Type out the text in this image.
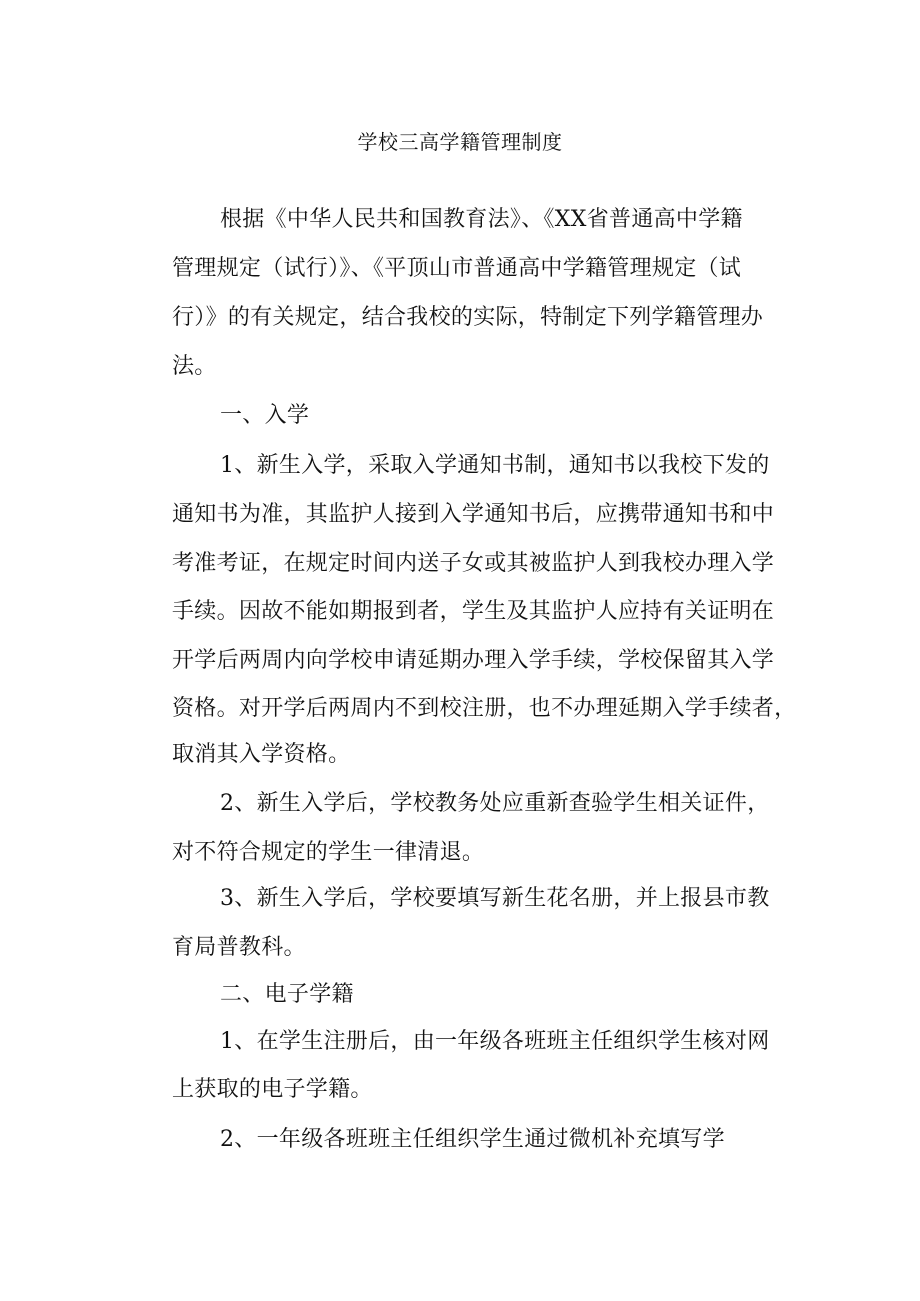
学校三高学籍管理制度
根据《中华人民共和国教育法》、《XX省普通高中学籍
管理规定（试行）》、《平顶山市普通高中学籍管理规定（试
行）》的有关规定，结合我校的实际，特制定下列学籍管理办
法。
一、入学
1、新生入学，采取入学通知书制，通知书以我校下发的
通知书为准，其监护人接到入学通知书后，应携带通知书和中
考准考证，在规定时间内送子女或其被监护人到我校办理入学
手续。因故不能如期报到者，学生及其监护人应持有关证明在
开学后两周内向学校申请延期办理入学手续，学校保留其入学
资格。对开学后两周内不到校注册，也不办理延期入学手续者，
取消其入学资格。
2、新生入学后，学校教务处应重新查验学生相关证件，
对不符合规定的学生一律清退。
3、新生入学后，学校要填写新生花名册，并上报县市教
育局普教科。
二、电子学籍
1、在学生注册后，由一年级各班班主任组织学生核对网
上获取的电子学籍。
2、一年级各班班主任组织学生通过微机补充填写学
